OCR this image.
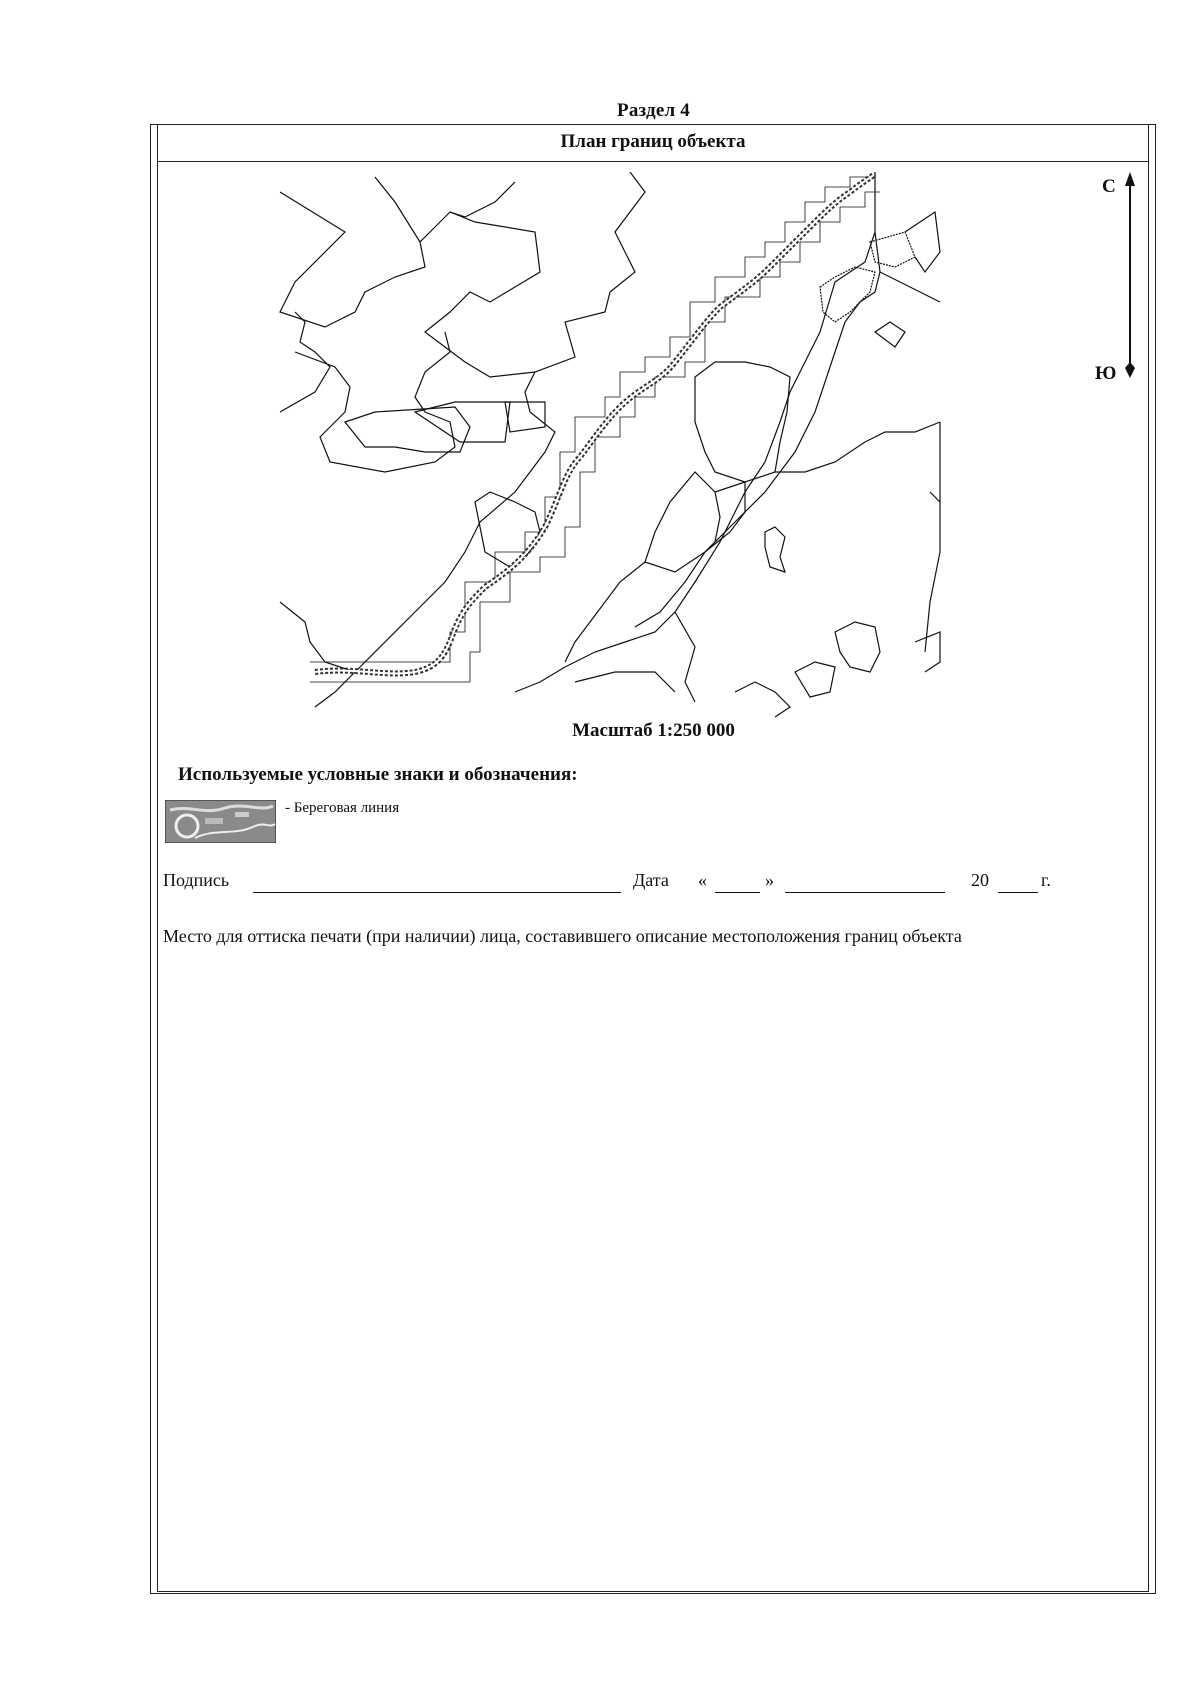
Раздел 4
План границ объекта
С
Ю
Масштаб 1:250 000
Используемые условные знаки и обозначения:
- Береговая линия
Подпись	Дата «	»	20	г.
Место для оттиска печати (при наличии) лица, составившего описание местоположения границ объекта
